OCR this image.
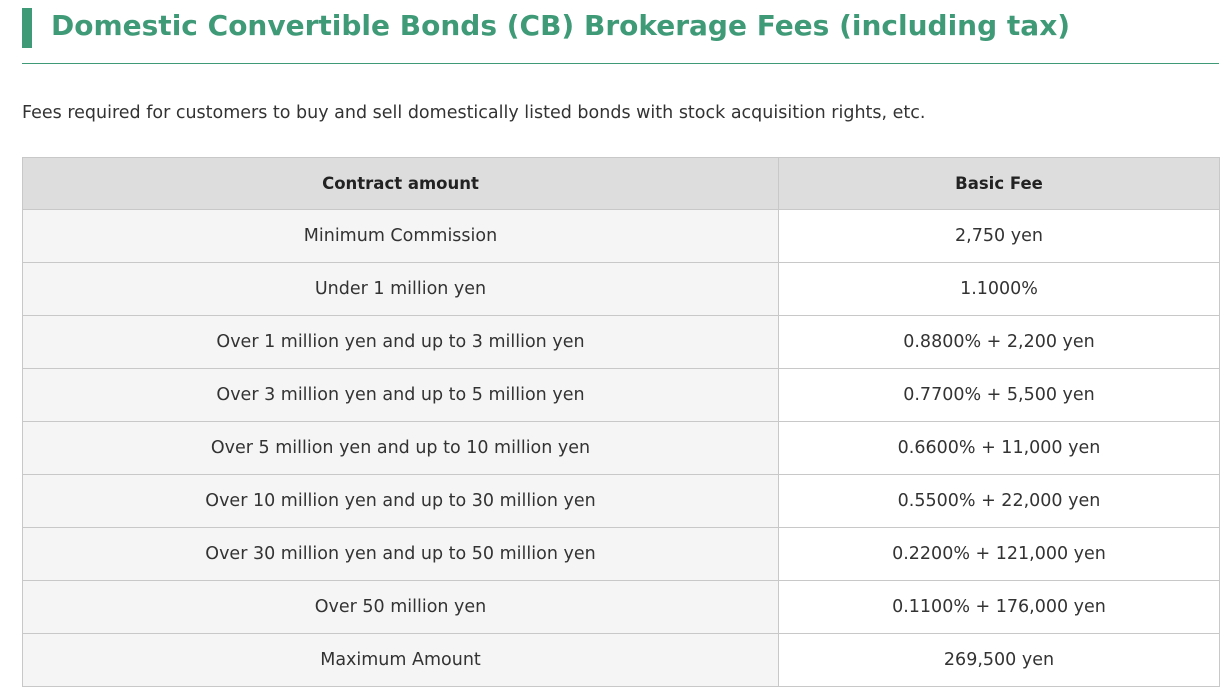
Domestic Convertible Bonds (CB) Brokerage Fees (including tax)

Fees required for customers to buy and sell domestically listed bonds with stock acquisition rights, etc.

Contract amount	Basic Fee
Minimum Commission	2,750 yen
Under 1 million yen	1.1000%
Over 1 million yen and up to 3 million yen	0.8800% + 2,200 yen
Over 3 million yen and up to 5 million yen	0.7700% + 5,500 yen
Over 5 million yen and up to 10 million yen	0.6600% + 11,000 yen
Over 10 million yen and up to 30 million yen	0.5500% + 22,000 yen
Over 30 million yen and up to 50 million yen	0.2200% + 121,000 yen
Over 50 million yen	0.1100% + 176,000 yen
Maximum Amount	269,500 yen
